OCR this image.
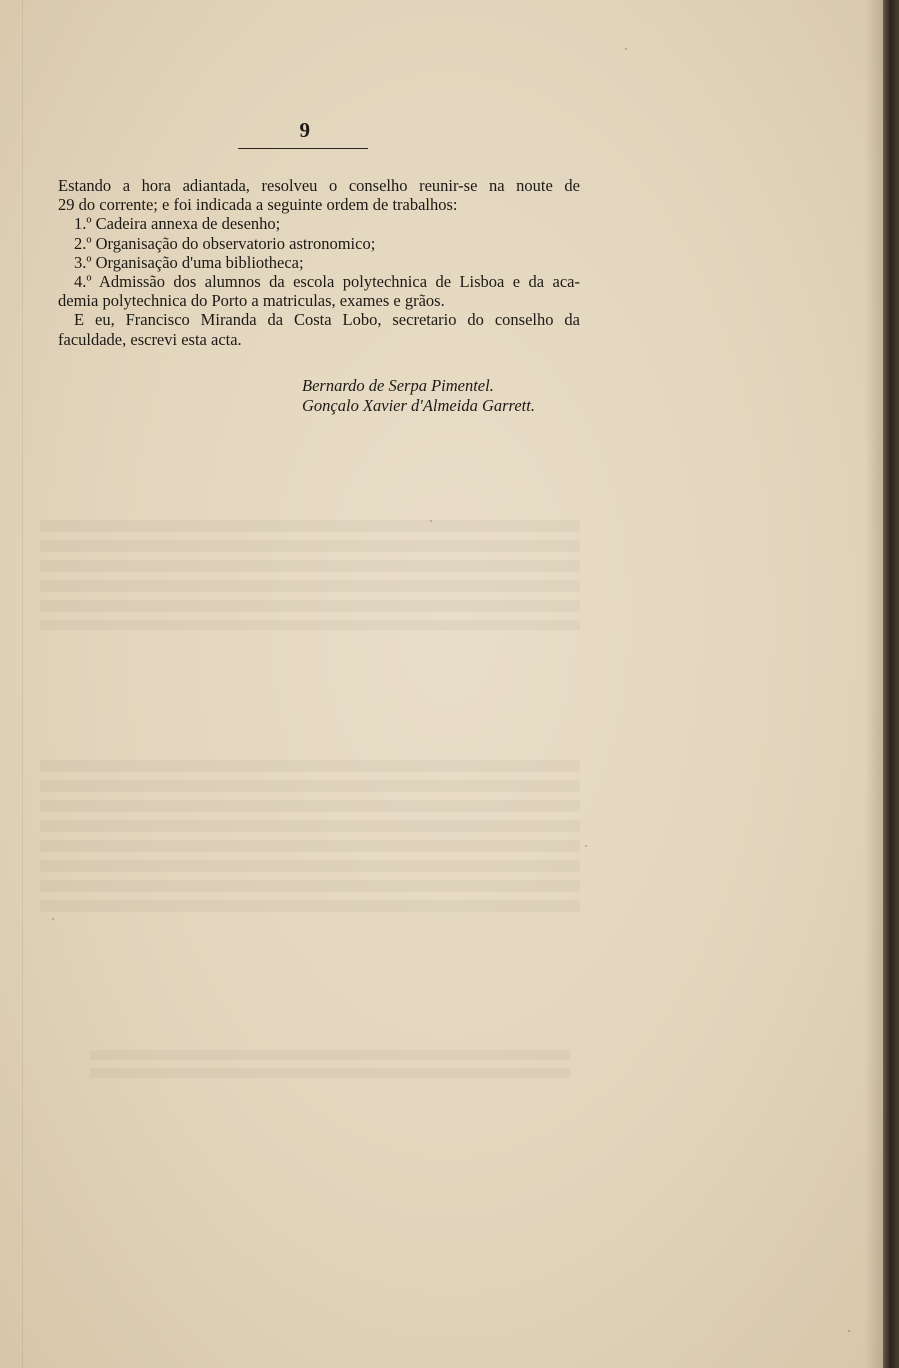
9
Estando a hora adiantada, resolveu o conselho reunir-se na noute de
29 do corrente; e foi indicada a seguinte ordem de trabalhos:
1.º Cadeira annexa de desenho;
2.º Organisação do observatorio astronomico;
3.º Organisação d'uma bibliotheca;
4.º Admissão dos alumnos da escola polytechnica de Lisboa e da aca-
demia polytechnica do Porto a matriculas, exames e grãos.
E eu, Francisco Miranda da Costa Lobo, secretario do conselho da
faculdade, escrevi esta acta.
Bernardo de Serpa Pimentel.
Gonçalo Xavier d'Almeida Garrett.
